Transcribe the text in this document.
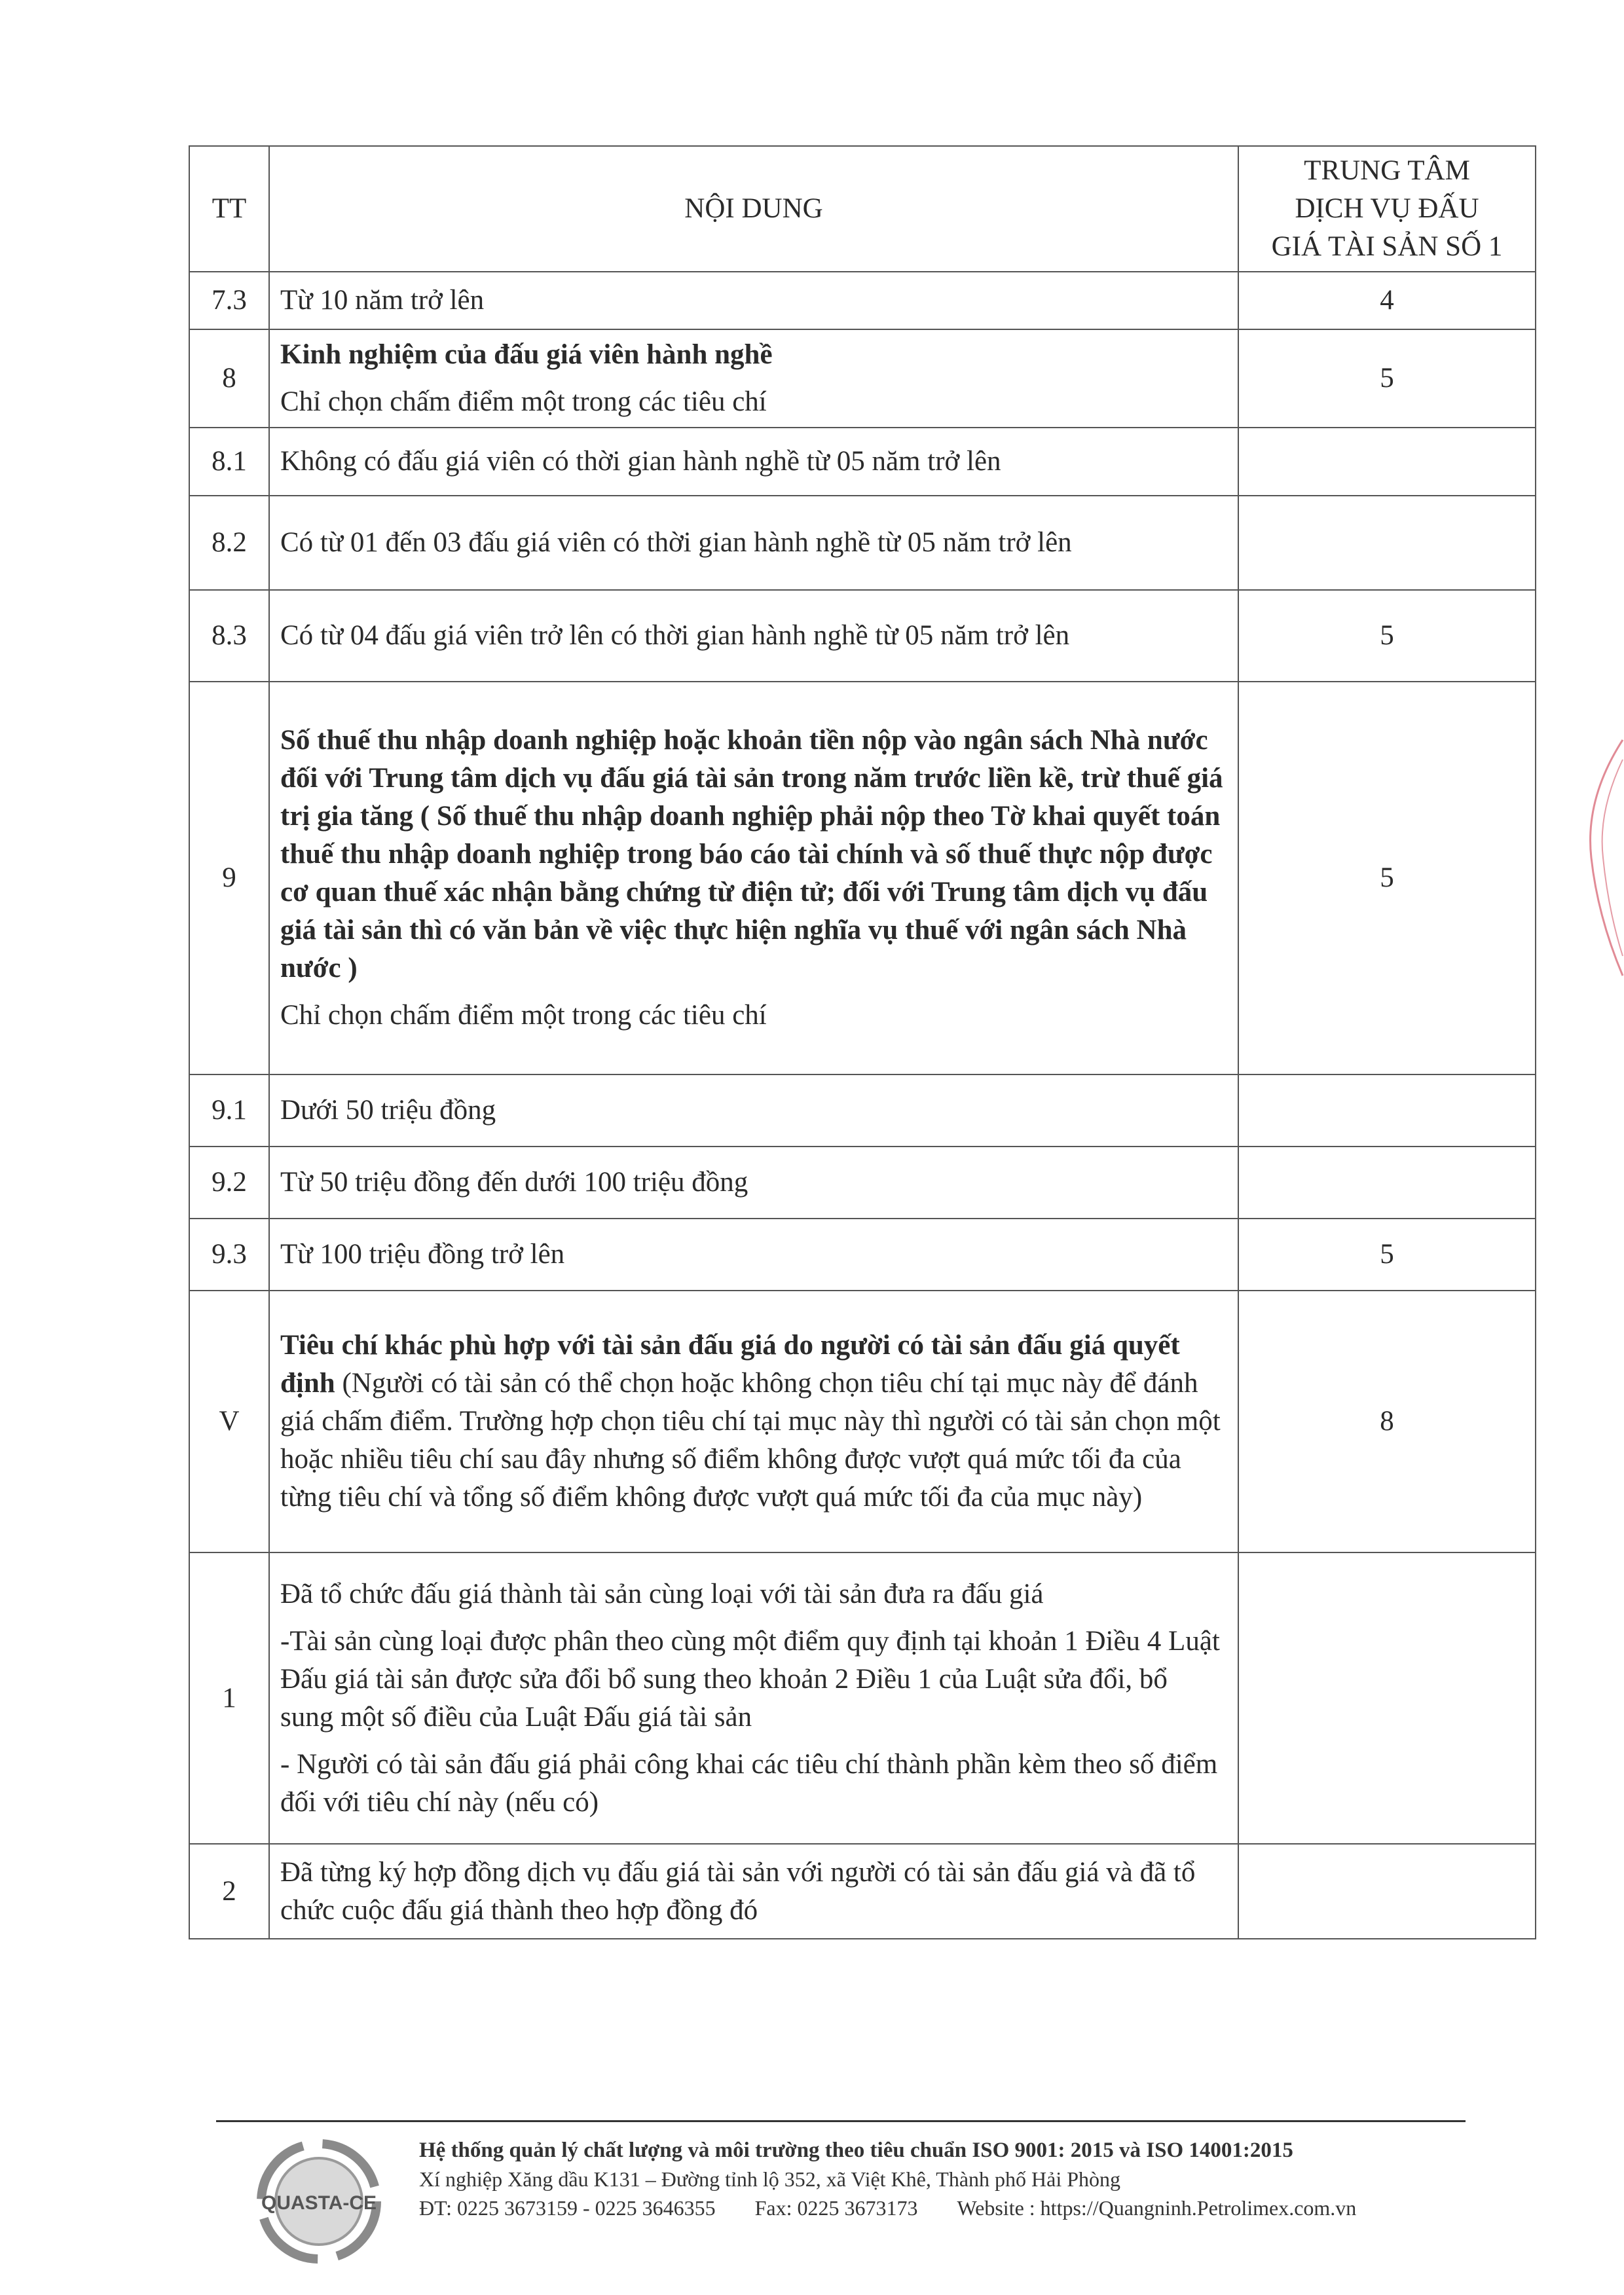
TT	NỘI DUNG	TRUNG TÂM
DỊCH VỤ ĐẤU
GIÁ TÀI SẢN SỐ 1

7.3	Từ 10 năm trở lên	4
8	Kinh nghiệm của đấu giá viên hành nghề
Chỉ chọn chấm điểm một trong các tiêu chí	5
8.1	Không có đấu giá viên có thời gian hành nghề từ 05 năm trở lên	

8.2	Có từ 01 đến 03 đấu giá viên có thời gian hành nghề từ 05 năm trở lên	

8.3	Có từ 04 đấu giá viên trở lên có thời gian hành nghề từ 05 năm trở lên	5
9	Số thuế thu nhập doanh nghiệp hoặc khoản tiền nộp vào ngân sách Nhà nước đối với Trung tâm dịch vụ đấu giá tài sản trong năm trước liền kề, trừ thuế giá trị gia tăng ( Số thuế thu nhập doanh nghiệp phải nộp theo Tờ khai quyết toán thuế thu nhập doanh nghiệp trong báo cáo tài chính và số thuế thực nộp được cơ quan thuế xác nhận bằng chứng từ điện tử; đối với Trung tâm dịch vụ đấu giá tài sản thì có văn bản về việc thực hiện nghĩa vụ thuế với ngân sách Nhà nước )
Chỉ chọn chấm điểm một trong các tiêu chí	5
9.1	Dưới 50 triệu đồng	

9.2	Từ 50 triệu đồng đến dưới 100 triệu đồng	

9.3	Từ 100 triệu đồng trở lên	5
V	Tiêu chí khác phù hợp với tài sản đấu giá do người có tài sản đấu giá quyết định (Người có tài sản có thể chọn hoặc không chọn tiêu chí tại mục này để đánh giá chấm điểm. Trường hợp chọn tiêu chí tại mục này thì người có tài sản chọn một hoặc nhiều tiêu chí sau đây nhưng số điểm không được vượt quá mức tối đa của từng tiêu chí và tổng số điểm không được vượt quá mức tối đa của mục này)	8
1	Đã tổ chức đấu giá thành tài sản cùng loại với tài sản đưa ra đấu giá
-Tài sản cùng loại được phân theo cùng một điểm quy định tại khoản 1 Điều 4 Luật Đấu giá tài sản được sửa đổi bổ sung theo khoản 2 Điều 1 của Luật sửa đổi, bổ sung một số điều của Luật Đấu giá tài sản
- Người có tài sản đấu giá phải công khai các tiêu chí thành phần kèm theo số điểm đối với tiêu chí này (nếu có)	

2	Đã từng ký hợp đồng dịch vụ đấu giá tài sản với người có tài sản đấu giá và đã tổ chức cuộc đấu giá thành theo hợp đồng đó	

QUASTA-CE
Hệ thống quản lý chất lượng và môi trường theo tiêu chuẩn ISO 9001: 2015 và ISO 14001:2015
Xí nghiệp Xăng dầu K131 – Đường tỉnh lộ 352, xã Việt Khê, Thành phố Hải Phòng
ĐT: 0225 3673159 - 0225 3646355 Fax: 0225 3673173 Website : https://Quangninh.Petrolimex.com.vn
